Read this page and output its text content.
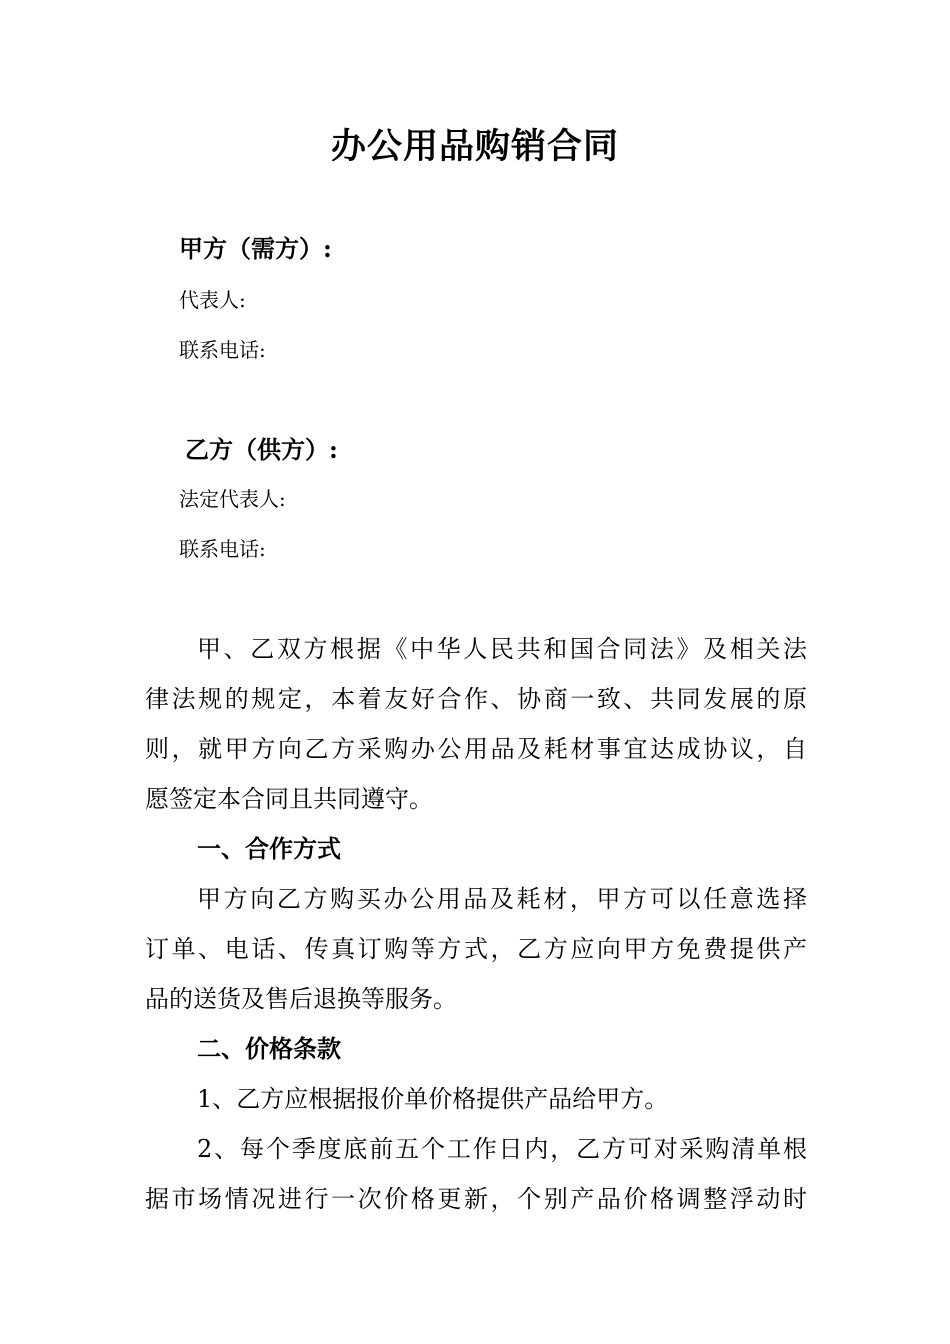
办公用品购销合同
甲方（需方）:
代表人:
联系电话:
乙方（供方）:
法定代表人:
联系电话:
甲、乙双方根据《中华人民共和国合同法》及相关法
律法规的规定，本着友好合作、协商一致、共同发展的原
则，就甲方向乙方采购办公用品及耗材事宜达成协议，自
愿签定本合同且共同遵守。
一、合作方式
甲方向乙方购买办公用品及耗材，甲方可以任意选择
订单、电话、传真订购等方式，乙方应向甲方免费提供产
品的送货及售后退换等服务。
二、价格条款
1、乙方应根据报价单价格提供产品给甲方。
2、每个季度底前五个工作日内，乙方可对采购清单根
据市场情况进行一次价格更新，个别产品价格调整浮动时
